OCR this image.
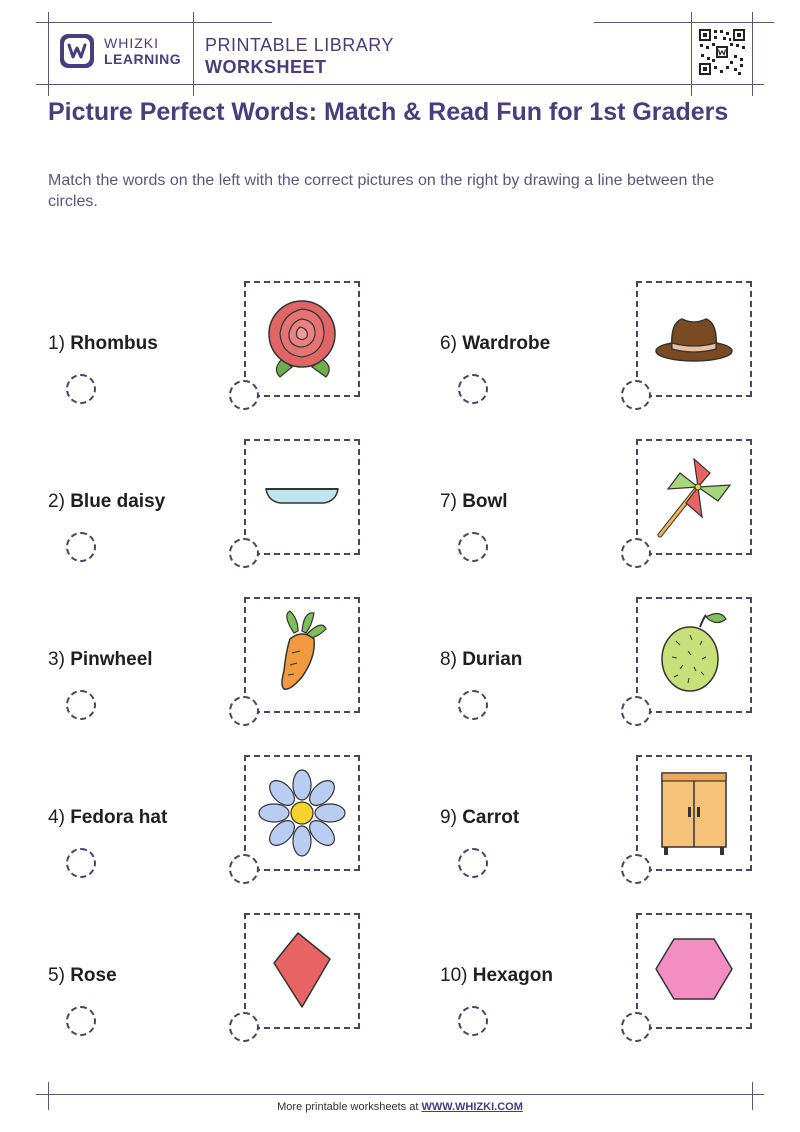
WHIZKI
LEARNING
PRINTABLE LIBRARY
WORKSHEET
Picture Perfect Words: Match & Read Fun for 1st Graders

Match the words on the left with the correct pictures on the right by drawing a line between the circles.

1) Rhombus
2) Blue daisy
3) Pinwheel
4) Fedora hat
5) Rose
6) Wardrobe
7) Bowl
8) Durian
9) Carrot
10) Hexagon
More printable worksheets at WWW.WHIZKI.COM
